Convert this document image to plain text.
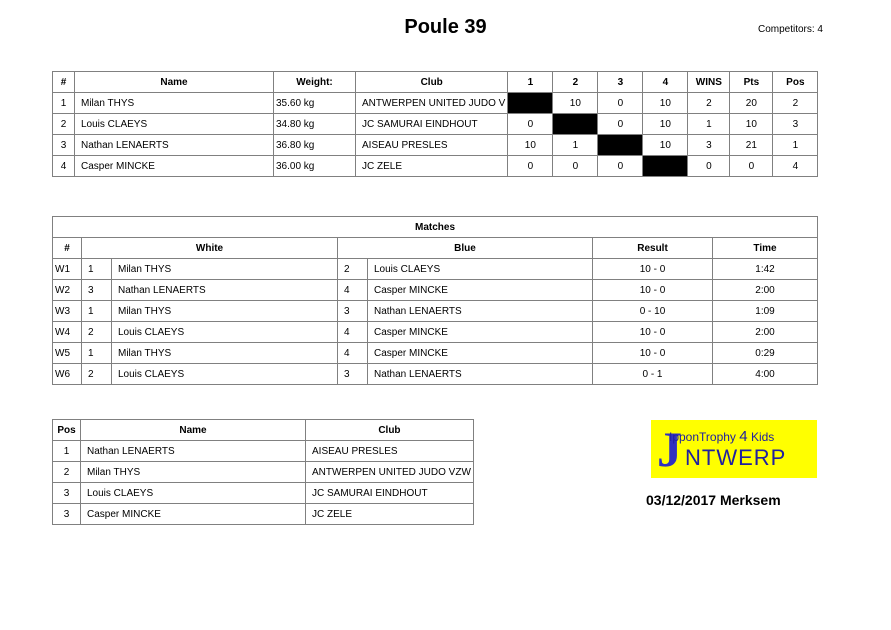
Poule 39	Competitors: 4
#	Name	Weight:	Club	1	2	3	4	WINS	Pts	Pos
1	Milan THYS	35.60 kg	ANTWERPEN UNITED JUDO V		10	0	10	2	20	2
2	Louis CLAEYS	34.80 kg	JC SAMURAI EINDHOUT	0		0	10	1	10	3
3	Nathan LENAERTS	36.80 kg	AISEAU PRESLES	10	1		10	3	21	1
4	Casper MINCKE	36.00 kg	JC ZELE	0	0	0		0	0	4
Matches						
#	White		Blue		Result	Time
W1	1	Milan THYS	2	Louis CLAEYS	10 - 0	1:42
W2	3	Nathan LENAERTS	4	Casper MINCKE	10 - 0	2:00
W3	1	Milan THYS	3	Nathan LENAERTS	0 - 10	1:09
W4	2	Louis CLAEYS	4	Casper MINCKE	10 - 0	2:00
W5	1	Milan THYS	4	Casper MINCKE	10 - 0	0:29
W6	2	Louis CLAEYS	3	Nathan LENAERTS	0 - 1	4:00
Pos	Name	Club
1	Nathan LENAERTS	AISEAU PRESLES
2	Milan THYS	ANTWERPEN UNITED JUDO VZW
3	Louis CLAEYS	JC SAMURAI EINDHOUT
3	Casper MINCKE	JC ZELE
J
IpponTrophy 4 Kids
NTWERP
03/12/2017 Merksem
